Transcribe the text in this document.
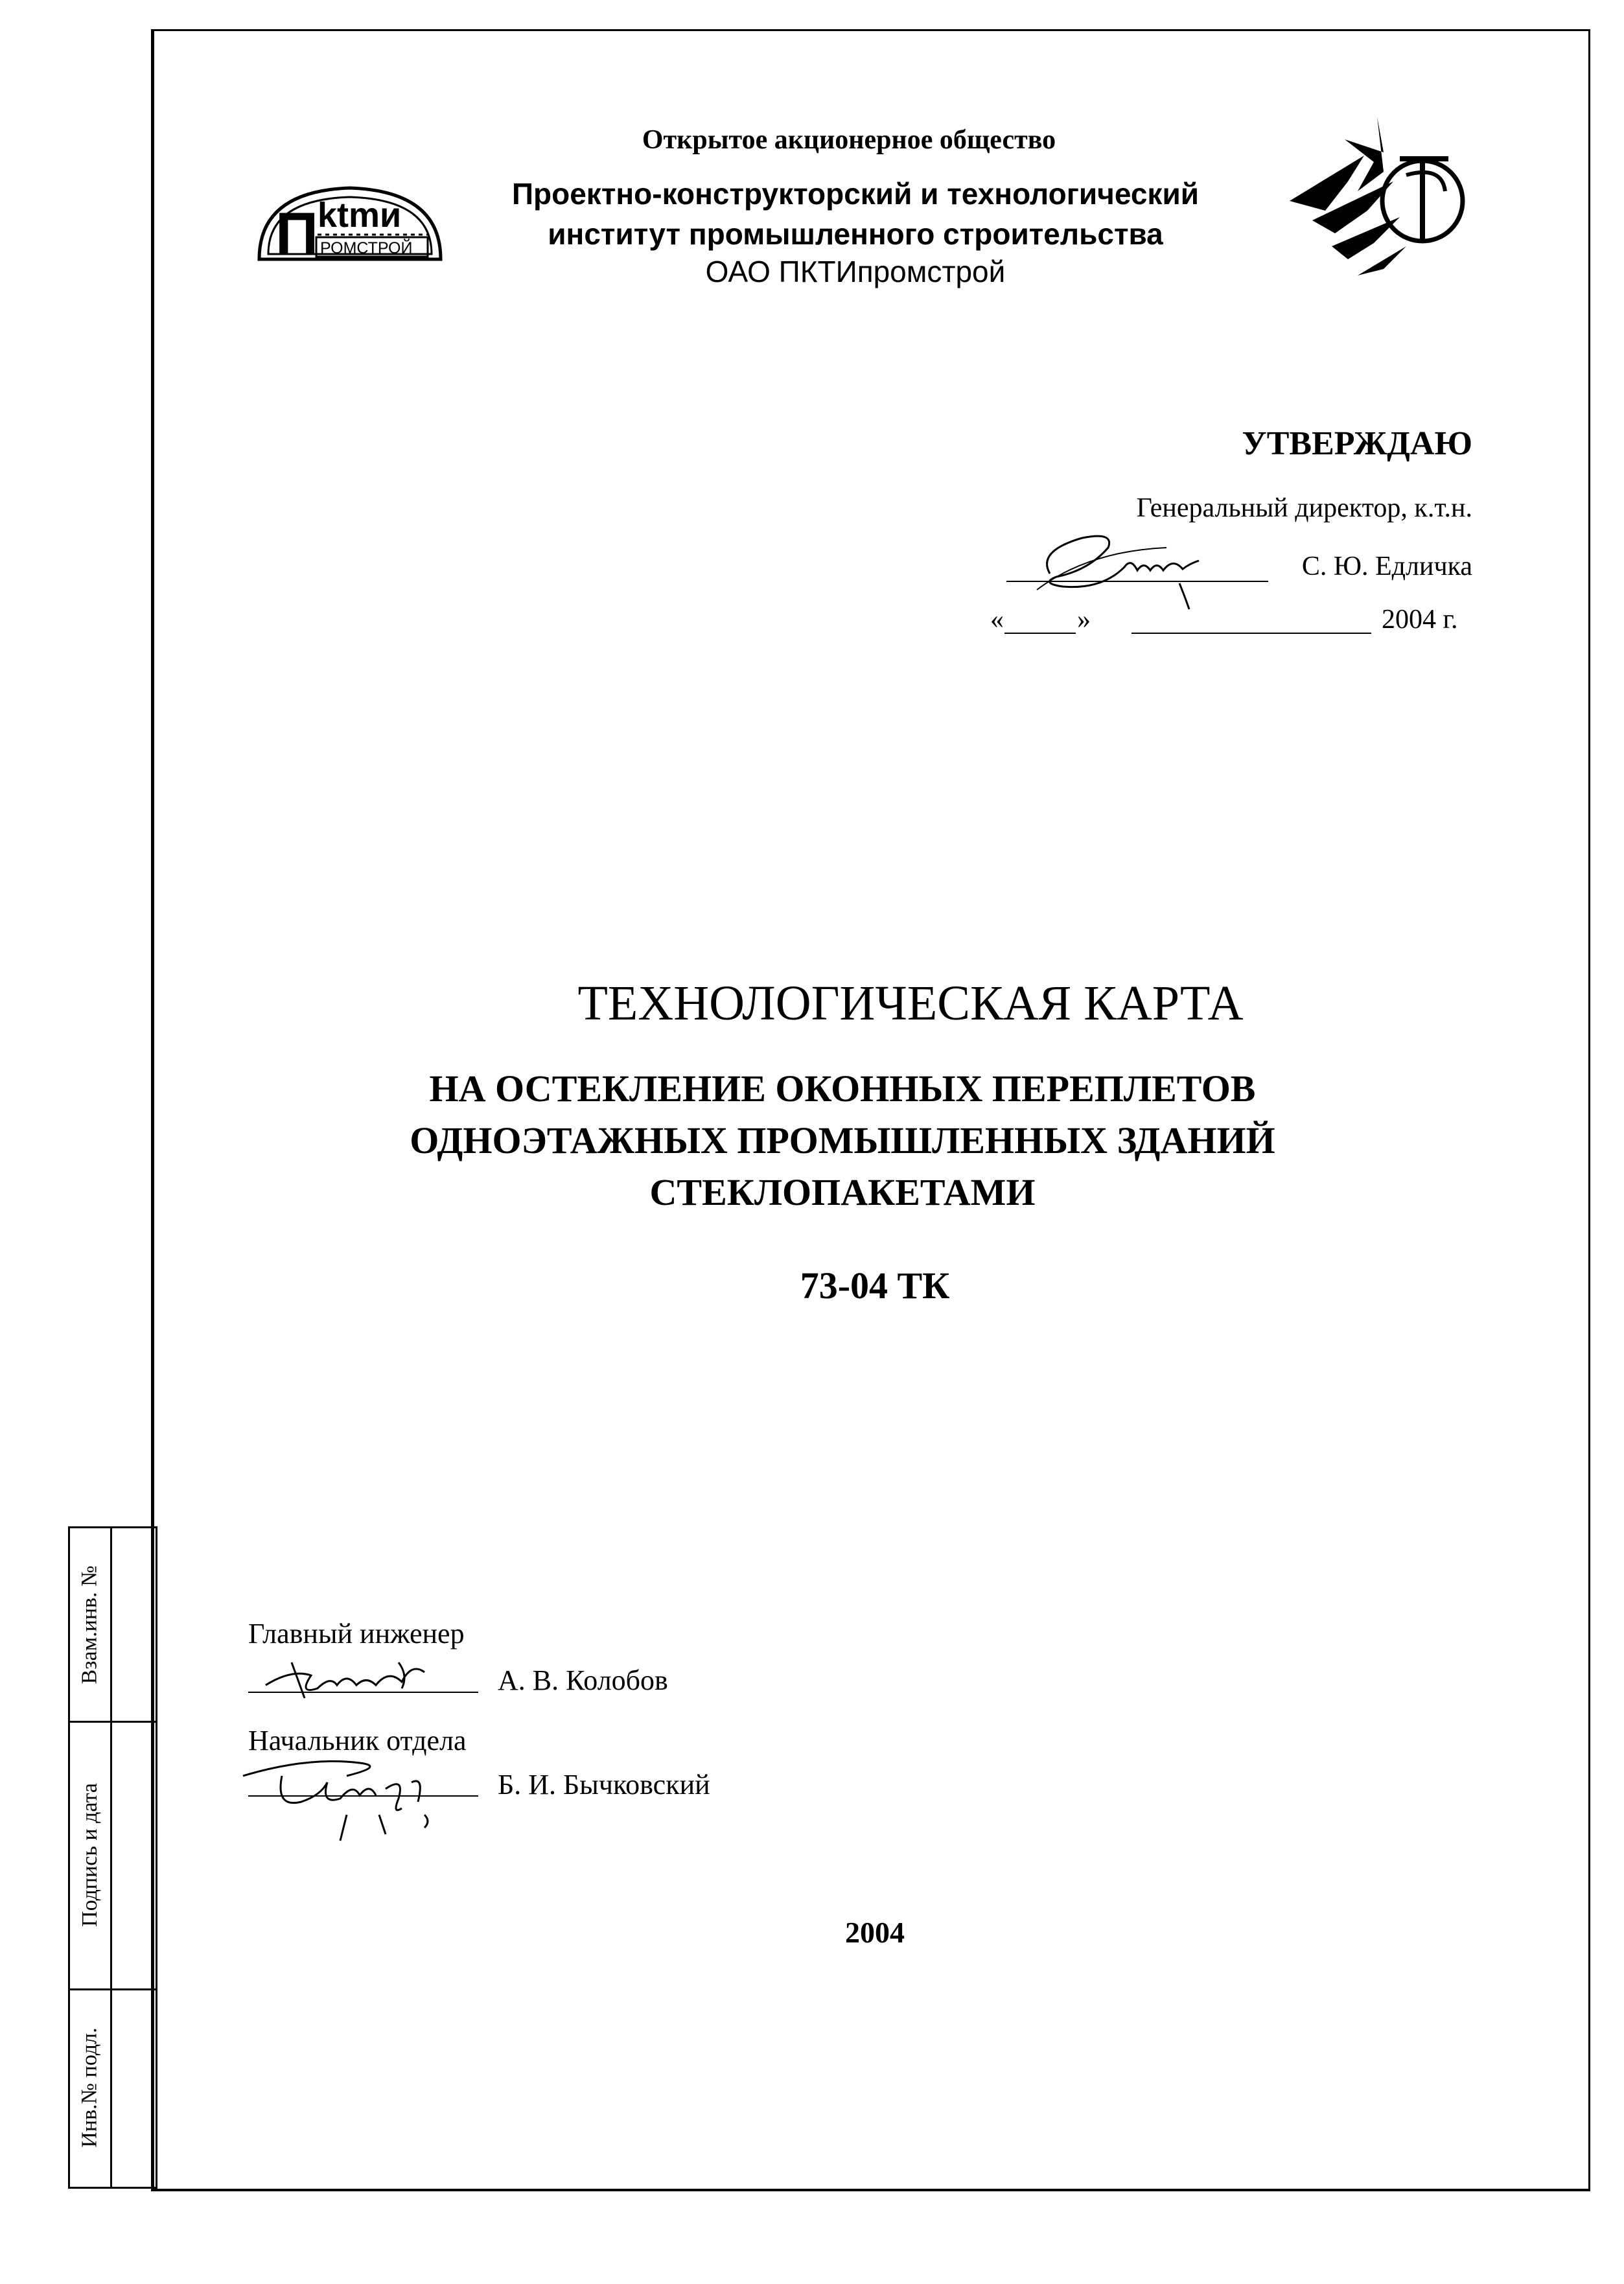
П
ktmи
РОМСТРОЙ
Открытое акционерное общество
Проектно-конструкторский и технологический
институт промышленного строительства
ОАО ПКТИпромстрой
УТВЕРЖДАЮ
Генеральный директор, к.т.н.
С. Ю. Едличка
«	»	2004 г.
ТЕХНОЛОГИЧЕСКАЯ КАРТА
НА ОСТЕКЛЕНИЕ ОКОННЫХ ПЕРЕПЛЕТОВ
ОДНОЭТАЖНЫХ ПРОМЫШЛЕННЫХ ЗДАНИЙ
СТЕКЛОПАКЕТАМИ
73-04 ТК
Главный инженер
А. В. Колобов
Начальник отдела
Б. И. Бычковский
2004
Взам.инв. №
Подпись и дата
Инв.№ подл.
